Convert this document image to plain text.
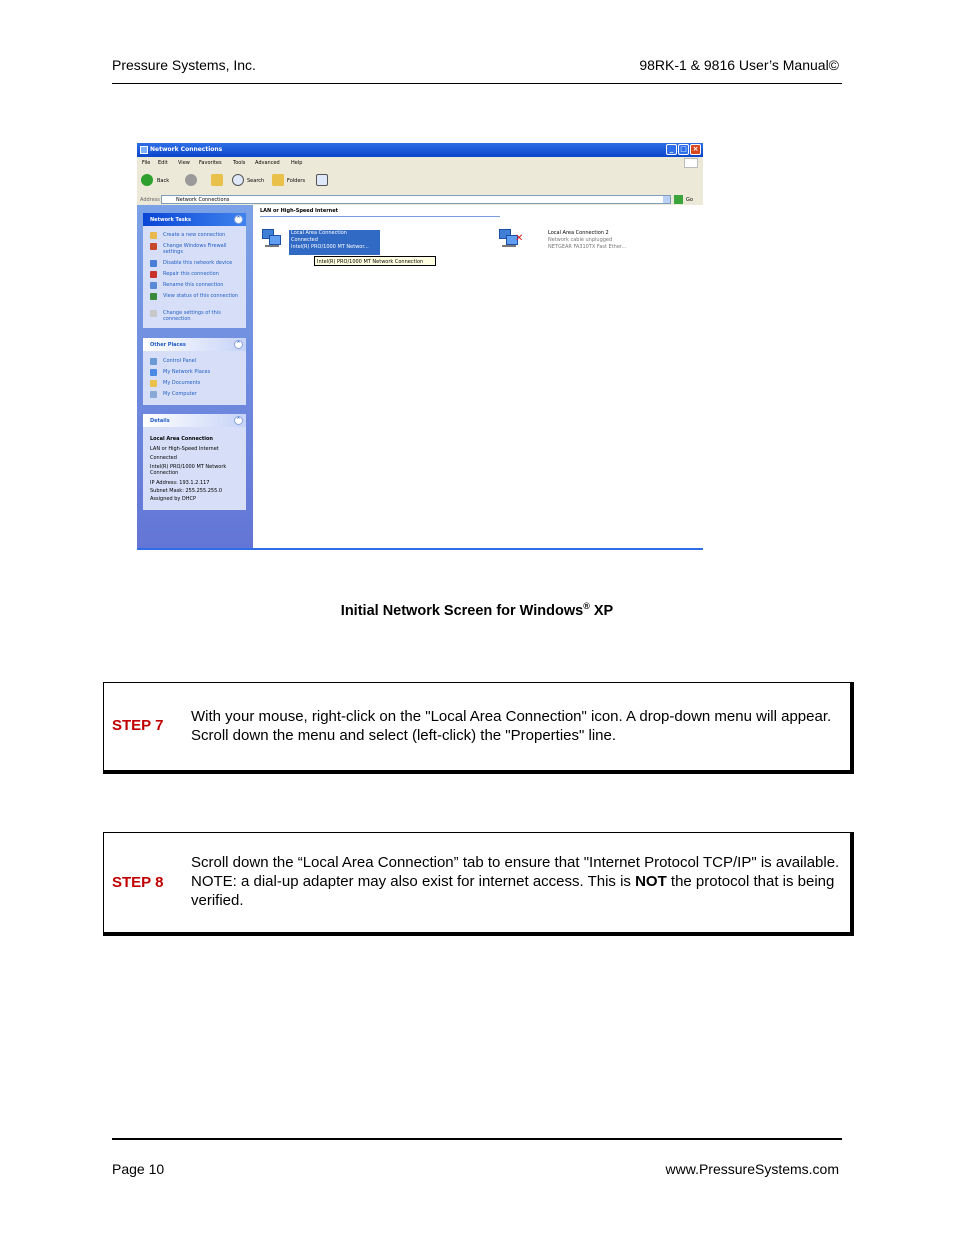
Pressure Systems, Inc.	98RK-1 & 9816 User’s Manual©
Network Connections	_ □ ×
File Edit View Favorites Tools Advanced Help
Back	Search	Folders
Address	Network Connections	Go
Network Tasks	^
Create a new connection
Change Windows Firewall settings
Disable this network device
Repair this connection
Rename this connection
View status of this connection
Change settings of this connection
Other Places	^
Control Panel
My Network Places
My Documents
My Computer
Details	^
Local Area Connection
LAN or High-Speed Internet
Connected
Intel(R) PRO/1000 MT Network Connection
IP Address: 193.1.2.117
Subnet Mask: 255.255.255.0
Assigned by DHCP
LAN or High-Speed Internet
Local Area Connection
Connected
Intel(R) PRO/1000 MT Networ...
✕	Local Area Connection 2
Network cable unplugged
NETGEAR FA310TX Fast Ether...
Intel(R) PRO/1000 MT Network Connection
Initial Network Screen for Windows® XP
STEP 7
With your mouse, right-click on the "Local Area Connection" icon. A drop-down menu will appear. Scroll down the menu and select (left-click) the "Properties" line.
STEP 8
Scroll down the “Local Area Connection” tab to ensure that "Internet Protocol TCP/IP" is available. NOTE: a dial-up adapter may also exist for internet access. This is NOT the protocol that is being verified.
Page 10	www.PressureSystems.com
